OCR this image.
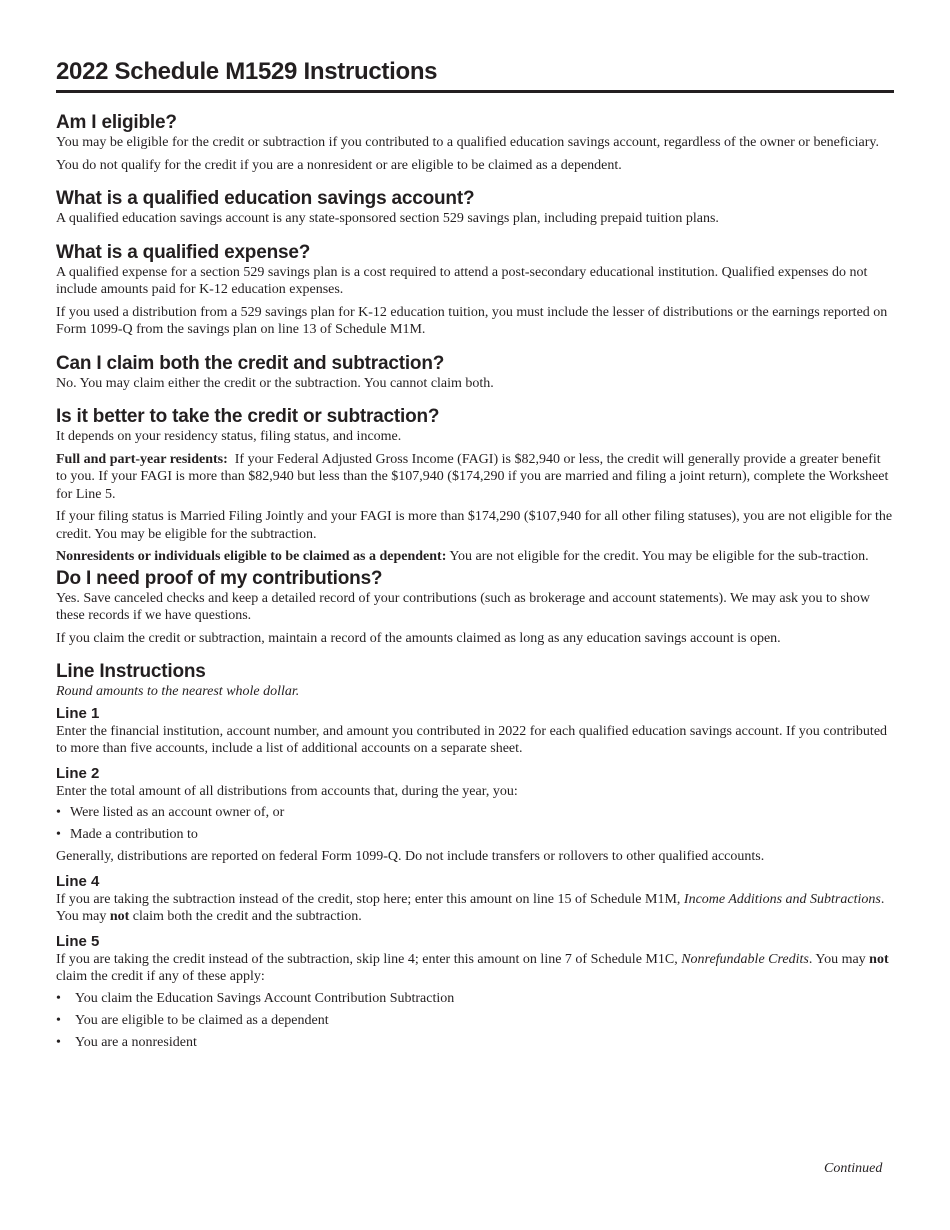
2022 Schedule M1529 Instructions
Am I eligible?

You may be eligible for the credit or subtraction if you contributed to a qualified education savings account, regardless of the owner or beneficiary.

You do not qualify for the credit if you are a nonresident or are eligible to be claimed as a dependent.

What is a qualified education savings account?

A qualified education savings account is any state-sponsored section 529 savings plan, including prepaid tuition plans.

What is a qualified expense?

A qualified expense for a section 529 savings plan is a cost required to attend a post-secondary educational institution. Qualified expenses do not include amounts paid for K-12 education expenses.

If you used a distribution from a 529 savings plan for K-12 education tuition, you must include the lesser of distributions or the earnings reported on Form 1099-Q from the savings plan on line 13 of Schedule M1M.

Can I claim both the credit and subtraction?

No. You may claim either the credit or the subtraction. You cannot claim both.

Is it better to take the credit or subtraction?

It depends on your residency status, filing status, and income.

Full and part-year residents: If your Federal Adjusted Gross Income (FAGI) is $82,940 or less, the credit will generally provide a greater benefit to you. If your FAGI is more than $82,940 but less than the $107,940 ($174,290 if you are married and filing a joint return), complete the Worksheet for Line 5.

If your filing status is Married Filing Jointly and your FAGI is more than $174,290 ($107,940 for all other filing statuses), you are not eligible for the credit. You may be eligible for the subtraction.

Nonresidents or individuals eligible to be claimed as a dependent: You are not eligible for the credit. You may be eligible for the sub-traction.

Do I need proof of my contributions?

Yes. Save canceled checks and keep a detailed record of your contributions (such as brokerage and account statements). We may ask you to show these records if we have questions.

If you claim the credit or subtraction, maintain a record of the amounts claimed as long as any education savings account is open.

Line Instructions

Round amounts to the nearest whole dollar.

Line 1

Enter the financial institution, account number, and amount you contributed in 2022 for each qualified education savings account. If you contributed to more than five accounts, include a list of additional accounts on a separate sheet.

Line 2

Enter the total amount of all distributions from accounts that, during the year, you:

• Were listed as an account owner of, or
• Made a contribution to

Generally, distributions are reported on federal Form 1099-Q. Do not include transfers or rollovers to other qualified accounts.

Line 4

If you are taking the subtraction instead of the credit, stop here; enter this amount on line 15 of Schedule M1M, Income Additions and Subtractions. You may not claim both the credit and the subtraction.

Line 5

If you are taking the credit instead of the subtraction, skip line 4; enter this amount on line 7 of Schedule M1C, Nonrefundable Credits. You may not claim the credit if any of these apply:

• You claim the Education Savings Account Contribution Subtraction
• You are eligible to be claimed as a dependent
• You are a nonresident
Continued
